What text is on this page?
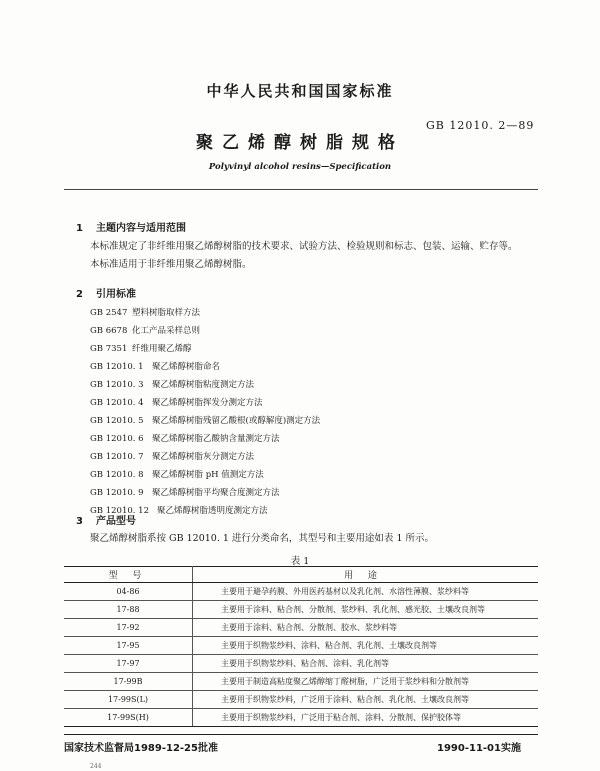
中华人民共和国国家标准
GB 12010. 2—89
聚乙烯醇树脂规格
Polyvinyl alcohol resins—Specification
1 主题内容与适用范围
本标准规定了非纤维用聚乙烯醇树脂的技术要求、试验方法、检验规则和标志、包装、运输、贮存等。
本标准适用于非纤维用聚乙烯醇树脂。
2 引用标准
GB 2547 塑料树脂取样方法
GB 6678 化工产品采样总则
GB 7351 纤维用聚乙烯醇
GB 12010. 1 聚乙烯醇树脂命名
GB 12010. 3 聚乙烯醇树脂粘度测定方法
GB 12010. 4 聚乙烯醇树脂挥发分测定方法
GB 12010. 5 聚乙烯醇树脂残留乙酸根(或醇解度)测定方法
GB 12010. 6 聚乙烯醇树脂乙酸钠含量测定方法
GB 12010. 7 聚乙烯醇树脂灰分测定方法
GB 12010. 8 聚乙烯醇树脂 pH 值测定方法
GB 12010. 9 聚乙烯醇树脂平均聚合度测定方法
GB 12010. 12 聚乙烯醇树脂透明度测定方法
3 产品型号
聚乙烯醇树脂系按 GB 12010. 1 进行分类命名，其型号和主要用途如表 1 所示。
表 1
型 号	用 途
04-86	主要用于避孕药膜、外用医药基材以及乳化剂、水溶性薄膜、浆纱料等
17-88	主要用于涂料、粘合剂、分散剂、浆纱料、乳化剂、感光胶、土壤改良剂等
17-92	主要用于涂料、粘合剂、分散剂、胶水、浆纱料等
17-95	主要用于织物浆纱料、涂料、粘合剂、乳化剂、土壤改良剂等
17-97	主要用于织物浆纱料、粘合剂、涂料、乳化剂等
17-99B	主要用于制造高粘度聚乙烯醇缩丁醛树脂，广泛用于浆纱料和分散剂等
17-99S(L)	主要用于织物浆纱料，广泛用于涂料、粘合剂、乳化剂、土壤改良剂等
17-99S(H)	主要用于织物浆纱料，广泛用于粘合剂、涂料、分散剂、保护胶体等
国家技术监督局1989-12-25批准	1990-11-01实施
244
